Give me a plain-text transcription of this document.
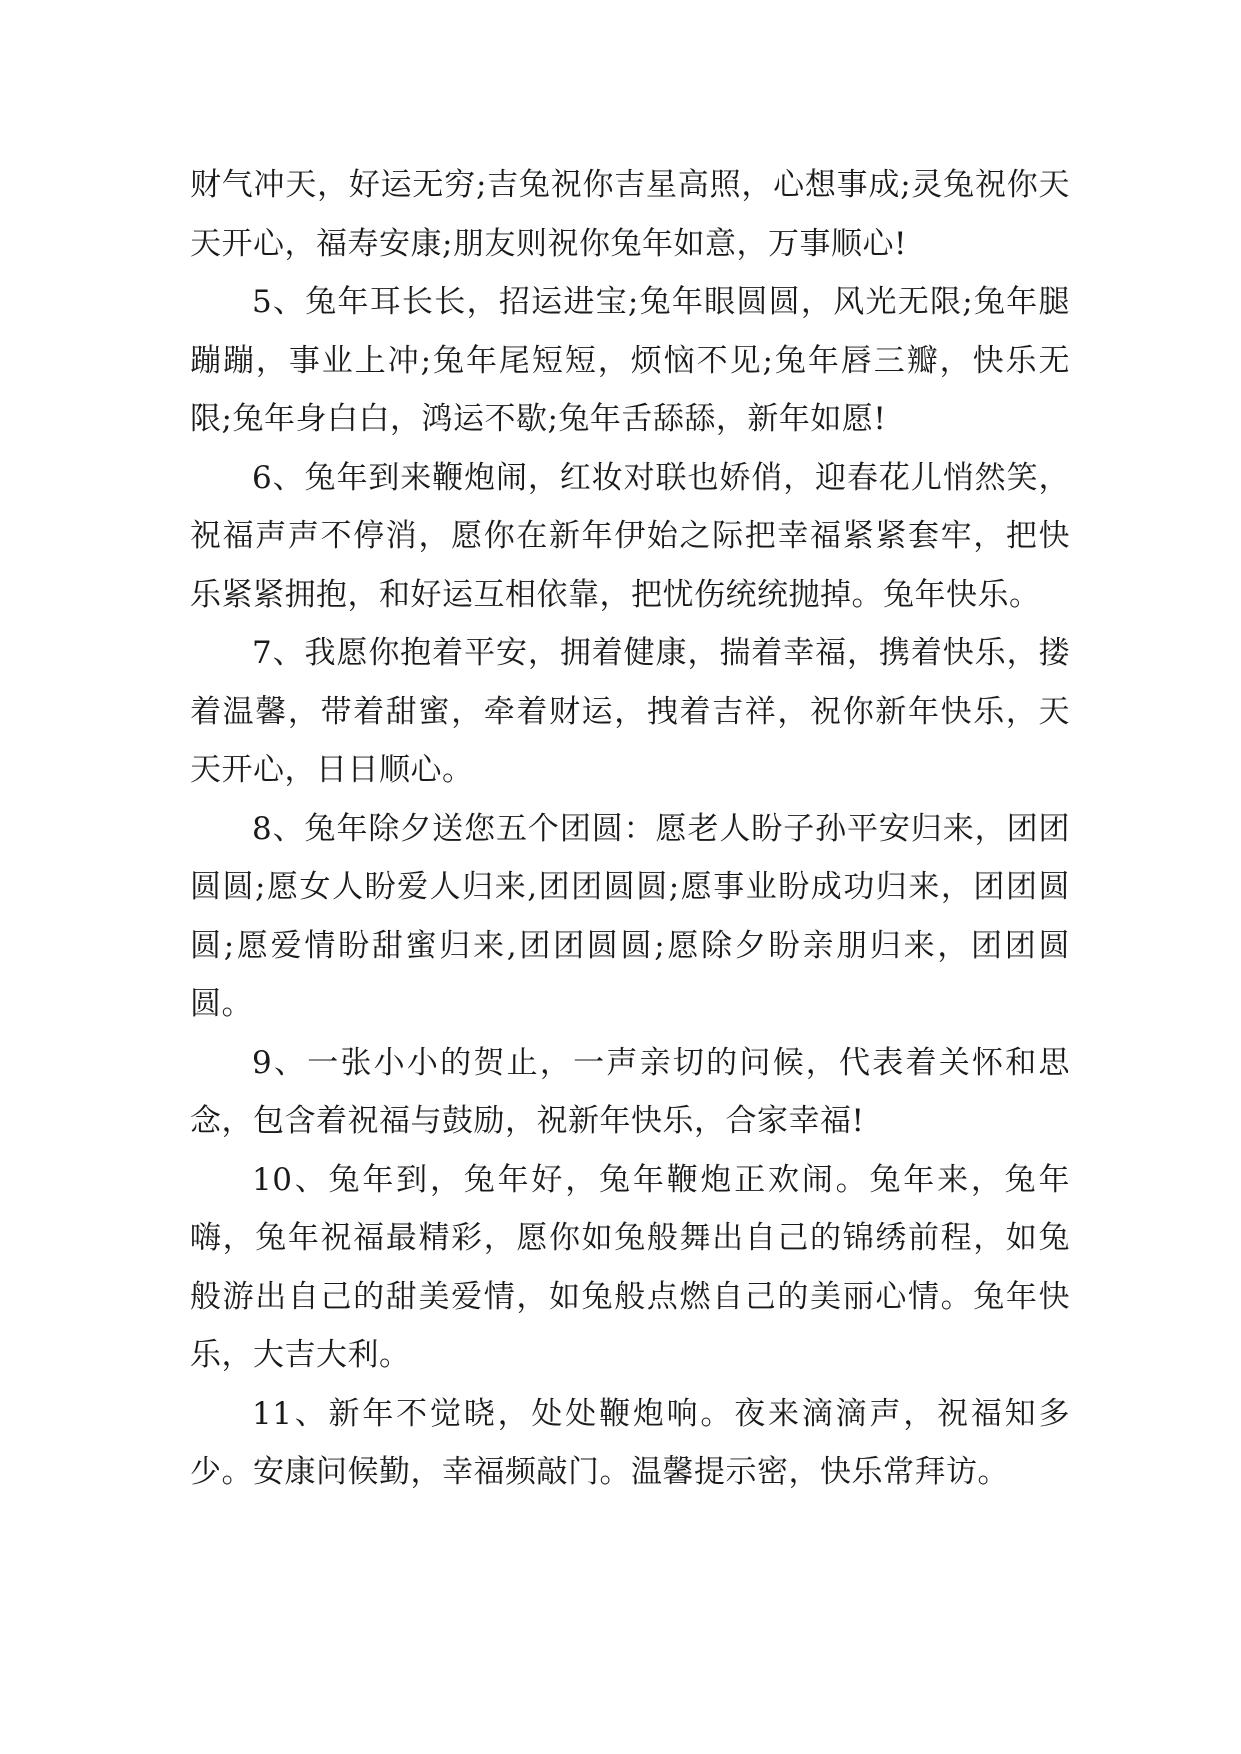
财气冲天，好运无穷;吉兔祝你吉星高照，心想事成;灵兔祝你天天开心，福寿安康;朋友则祝你兔年如意，万事顺心!

5、兔年耳长长，招运进宝;兔年眼圆圆，风光无限;兔年腿蹦蹦，事业上冲;兔年尾短短，烦恼不见;兔年唇三瓣，快乐无限;兔年身白白，鸿运不歇;兔年舌舔舔，新年如愿!

6、兔年到来鞭炮闹，红妆对联也娇俏，迎春花儿悄然笑，祝福声声不停消，愿你在新年伊始之际把幸福紧紧套牢，把快乐紧紧拥抱，和好运互相依靠，把忧伤统统抛掉。兔年快乐。

7、我愿你抱着平安，拥着健康，揣着幸福，携着快乐，搂着温馨，带着甜蜜，牵着财运，拽着吉祥，祝你新年快乐，天天开心，日日顺心。

8、兔年除夕送您五个团圆：愿老人盼子孙平安归来，团团圆圆;愿女人盼爱人归来,团团圆圆;愿事业盼成功归来，团团圆圆;愿爱情盼甜蜜归来,团团圆圆;愿除夕盼亲朋归来，团团圆圆。

9、一张小小的贺止，一声亲切的问候，代表着关怀和思念，包含着祝福与鼓励，祝新年快乐，合家幸福!

10、兔年到，兔年好，兔年鞭炮正欢闹。兔年来，兔年嗨，兔年祝福最精彩，愿你如兔般舞出自己的锦绣前程，如兔般游出自己的甜美爱情，如兔般点燃自己的美丽心情。兔年快乐，大吉大利。

11、新年不觉晓，处处鞭炮响。夜来滴滴声，祝福知多少。安康问候勤，幸福频敲门。温馨提示密，快乐常拜访。
